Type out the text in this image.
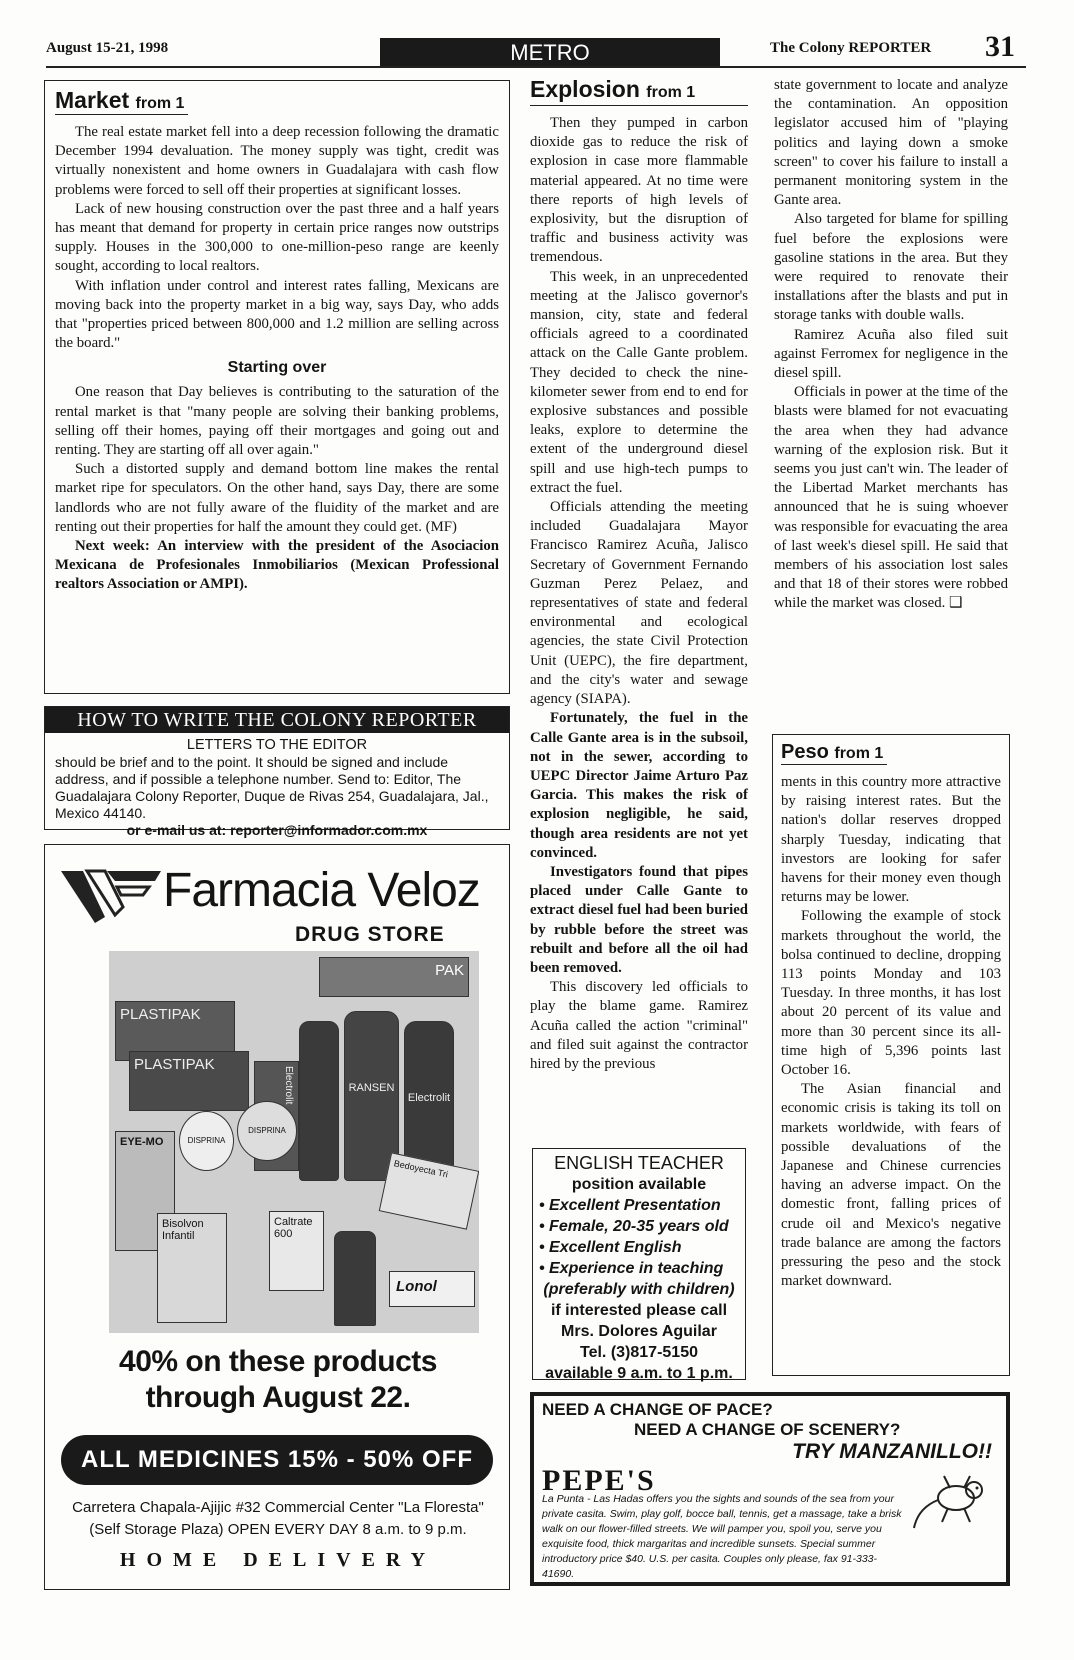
August 15-21, 1998	METRO	The Colony REPORTER 31
Market from 1

The real estate market fell into a deep recession following the dramatic December 1994 devaluation. The money supply was tight, credit was virtually nonexistent and home owners in Guadalajara with cash flow problems were forced to sell off their properties at significant losses.

Lack of new housing construction over the past three and a half years has meant that demand for property in certain price ranges now outstrips supply. Houses in the 300,000 to one-million-peso range are keenly sought, according to local realtors.

With inflation under control and interest rates falling, Mexicans are moving back into the property market in a big way, says Day, who adds that "properties priced between 800,000 and 1.2 million are selling across the board."

Starting over

One reason that Day believes is contributing to the saturation of the rental market is that "many people are solving their banking problems, selling off their homes, paying off their mortgages and going out and renting. They are starting off all over again."

Such a distorted supply and demand bottom line makes the rental market ripe for speculators. On the other hand, says Day, there are some landlords who are not fully aware of the fluidity of the market and are renting out their properties for half the amount they could get. (MF)

Next week: An interview with the president of the Asociacion Mexicana de Profesionales Inmobiliarios (Mexican Professional realtors Association or AMPI).

HOW TO WRITE THE COLONY REPORTER
LETTERS TO THE EDITOR
should be brief and to the point. It should be signed and include address, and if possible a telephone number. Send to: Editor, The Guadalajara Colony Reporter, Duque de Rivas 254, Guadalajara, Jal., Mexico 44140.
or e-mail us at: reporter@informador.com.mx
Farmacia Veloz
DRUG STORE
PLASTIPAK
PLASTIPAK
PAK
RANSEN
Electrolit
Electrolit
EYE-MO	DISPRINA
DISPRINA
Caltrate 600
Bisolvon Infantil
Lonol
Bedoyecta Tri
40% on these products
through August 22.
ALL MEDICINES 15% - 50% OFF
Carretera Chapala-Ajijic #32 Commercial Center "La Floresta"
(Self Storage Plaza) OPEN EVERY DAY 8 a.m. to 9 p.m.
HOME DELIVERY
Explosion from 1

Then they pumped in carbon dioxide gas to reduce the risk of explosion in case more flammable material appeared. At no time were there reports of high levels of explosivity, but the disruption of traffic and business activity was tremendous.

This week, in an unprecedented meeting at the Jalisco governor's mansion, city, state and federal officials agreed to a coordinated attack on the Calle Gante problem. They decided to check the nine-kilometer sewer from end to end for explosive substances and possible leaks, explore to determine the extent of the underground diesel spill and use high-tech pumps to extract the fuel.

Officials attending the meeting included Guadalajara Mayor Francisco Ramirez Acuña, Jalisco Secretary of Government Fernando Guzman Perez Pelaez, and representatives of state and federal environmental and ecological agencies, the state Civil Protection Unit (UEPC), the fire department, and the city's water and sewage agency (SIAPA).

Fortunately, the fuel in the Calle Gante area is in the subsoil, not in the sewer, according to UEPC Director Jaime Arturo Paz Garcia. This makes the risk of explosion negligible, he said, though area residents are not yet convinced.

Investigators found that pipes placed under Calle Gante to extract diesel fuel had been buried by rubble before the street was rebuilt and before all the oil had been removed.

This discovery led officials to play the blame game. Ramirez Acuña called the action "criminal" and filed suit against the contractor hired by the previous

ENGLISH TEACHER
position available
• Excellent Presentation
• Female, 20-35 years old
• Excellent English
• Experience in teaching
(preferably with children)
if interested please call
Mrs. Dolores Aguilar
Tel. (3)817-5150
available 9 a.m. to 1 p.m.

state government to locate and analyze the contamination. An opposition legislator accused him of "playing politics and laying down a smoke screen" to cover his failure to install a permanent monitoring system in the Gante area.

Also targeted for blame for spilling fuel before the explosions were gasoline stations in the area. But they were required to renovate their installations after the blasts and put in storage tanks with double walls.

Ramirez Acuña also filed suit against Ferromex for negligence in the diesel spill.

Officials in power at the time of the blasts were blamed for not evacuating the area when they had advance warning of the explosion risk. But it seems you just can't win. The leader of the Libertad Market merchants has announced that he is suing whoever was responsible for evacuating the area of last week's diesel spill. He said that members of his association lost sales and that 18 of their stores were robbed while the market was closed. ❑

Peso from 1

ments in this country more attractive by raising interest rates. But the nation's dollar reserves dropped sharply Tuesday, indicating that investors are looking for safer havens for their money even though returns may be lower.

Following the example of stock markets throughout the world, the bolsa continued to decline, dropping 113 points Monday and 103 Tuesday. In three months, it has lost about 20 percent of its value and more than 30 percent since its all-time high of 5,396 points last October 16.

The Asian financial and economic crisis is taking its toll on markets worldwide, with fears of possible devaluations of the Japanese and Chinese currencies having an adverse impact. On the domestic front, falling prices of crude oil and Mexico's negative trade balance are among the factors pressuring the peso and the stock market downward.

NEED A CHANGE OF PACE?
NEED A CHANGE OF SCENERY?
TRY MANZANILLO!!
PEPE'S
La Punta - Las Hadas offers you the sights and sounds of the sea from your private casita. Swim, play golf, bocce ball, tennis, get a massage, take a brisk walk on our flower-filled streets. We will pamper you, spoil you, serve you exquisite food, thick margaritas and incredible sunsets. Special summer introductory price $40. U.S. per casita. Couples only please, fax 91-333-41690.
